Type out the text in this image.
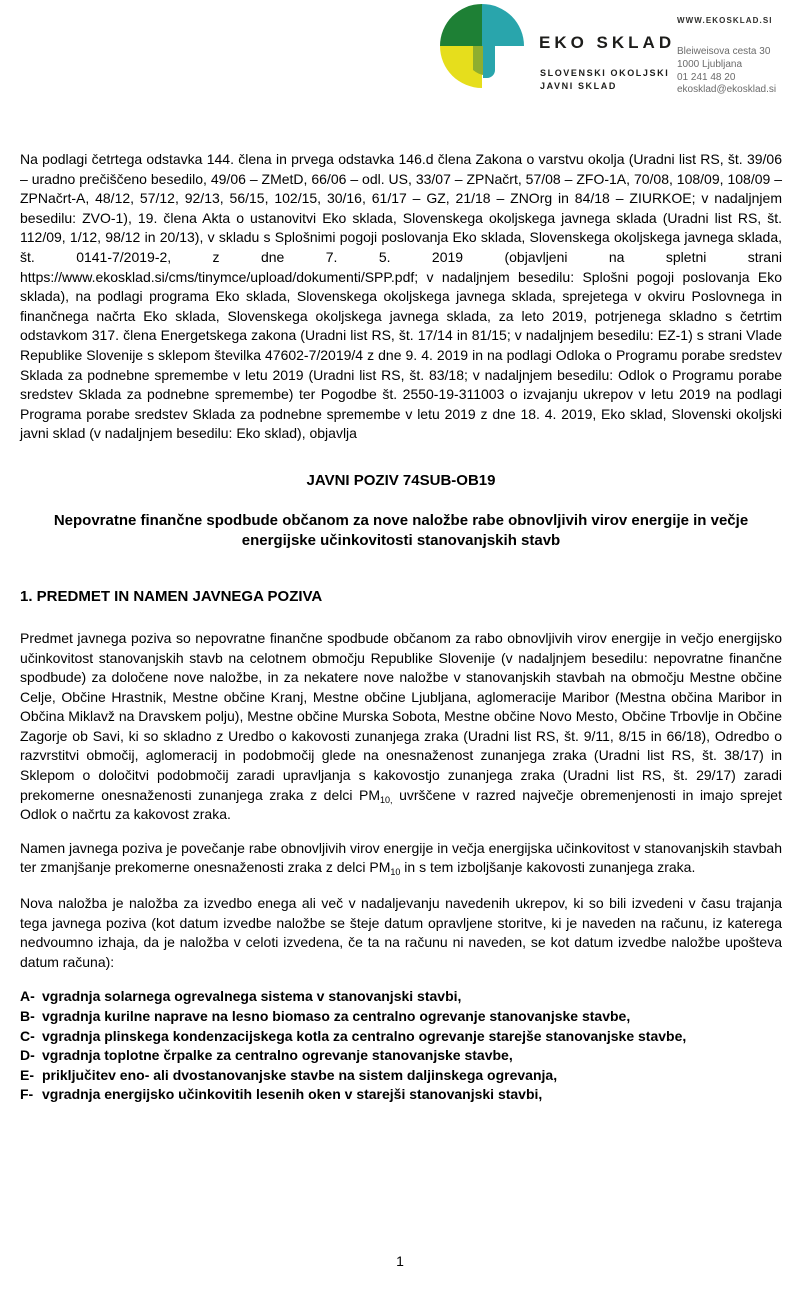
EKO SKLAD
SLOVENSKI OKOLJSKI
JAVNI SKLAD
WWW.EKOSKLAD.SI
Bleiweisova cesta 30
1000 Ljubljana
01 241 48 20
ekosklad@ekosklad.si
Na podlagi četrtega odstavka 144. člena in prvega odstavka 146.d člena Zakona o varstvu okolja (Uradni list RS, št. 39/06 – uradno prečiščeno besedilo, 49/06 – ZMetD, 66/06 – odl. US, 33/07 – ZPNačrt, 57/08 – ZFO-1A, 70/08, 108/09, 108/09 – ZPNačrt-A, 48/12, 57/12, 92/13, 56/15, 102/15, 30/16, 61/17 – GZ, 21/18 – ZNOrg in 84/18 – ZIURKOE; v nadaljnjem besedilu: ZVO-1), 19. člena Akta o ustanovitvi Eko sklada, Slovenskega okoljskega javnega sklada (Uradni list RS, št. 112/09, 1/12, 98/12 in 20/13), v skladu s Splošnimi pogoji poslovanja Eko sklada, Slovenskega okoljskega javnega sklada, št. 0141-7/2019-2, z dne 7. 5. 2019 (objavljeni na spletni strani https://www.ekosklad.si/cms/tinymce/upload/dokumenti/SPP.pdf; v nadaljnjem besedilu: Splošni pogoji poslovanja Eko sklada), na podlagi programa Eko sklada, Slovenskega okoljskega javnega sklada, sprejetega v okviru Poslovnega in finančnega načrta Eko sklada, Slovenskega okoljskega javnega sklada, za leto 2019, potrjenega skladno s četrtim odstavkom 317. člena Energetskega zakona (Uradni list RS, št. 17/14 in 81/15; v nadaljnjem besedilu: EZ-1) s strani Vlade Republike Slovenije s sklepom številka 47602-7/2019/4 z dne 9. 4. 2019 in na podlagi Odloka o Programu porabe sredstev Sklada za podnebne spremembe v letu 2019 (Uradni list RS, št. 83/18; v nadaljnjem besedilu: Odlok o Programu porabe sredstev Sklada za podnebne spremembe) ter Pogodbe št. 2550-19-311003 o izvajanju ukrepov v letu 2019 na podlagi Programa porabe sredstev Sklada za podnebne spremembe v letu 2019 z dne 18. 4. 2019, Eko sklad, Slovenski okoljski javni sklad (v nadaljnjem besedilu: Eko sklad), objavlja
JAVNI POZIV 74SUB-OB19
Nepovratne finančne spodbude občanom za nove naložbe rabe obnovljivih virov energije in večje energijske učinkovitosti stanovanjskih stavb
1. PREDMET IN NAMEN JAVNEGA POZIVA
Predmet javnega poziva so nepovratne finančne spodbude občanom za rabo obnovljivih virov energije in večjo energijsko učinkovitost stanovanjskih stavb na celotnem območju Republike Slovenije (v nadaljnjem besedilu: nepovratne finančne spodbude) za določene nove naložbe, in za nekatere nove naložbe v stanovanjskih stavbah na območju Mestne občine Celje, Občine Hrastnik, Mestne občine Kranj, Mestne občine Ljubljana, aglomeracije Maribor (Mestna občina Maribor in Občina Miklavž na Dravskem polju), Mestne občine Murska Sobota, Mestne občine Novo Mesto, Občine Trbovlje in Občine Zagorje ob Savi, ki so skladno z Uredbo o kakovosti zunanjega zraka (Uradni list RS, št. 9/11, 8/15 in 66/18), Odredbo o razvrstitvi območij, aglomeracij in podobmočij glede na onesnaženost zunanjega zraka (Uradni list RS, št. 38/17) in Sklepom o določitvi podobmočij zaradi upravljanja s kakovostjo zunanjega zraka (Uradni list RS, št. 29/17) zaradi prekomerne onesnaženosti zunanjega zraka z delci $PM_{10,}$ uvrščene v razred največje obremenjenosti in imajo sprejet Odlok o načrtu za kakovost zraka.
Namen javnega poziva je povečanje rabe obnovljivih virov energije in večja energijska učinkovitost v stanovanjskih stavbah ter zmanjšanje prekomerne onesnaženosti zraka z delci $PM_{10}$ in s tem izboljšanje kakovosti zunanjega zraka.
Nova naložba je naložba za izvedbo enega ali več v nadaljevanju navedenih ukrepov, ki so bili izvedeni v času trajanja tega javnega poziva (kot datum izvedbe naložbe se šteje datum opravljene storitve, ki je naveden na računu, iz katerega nedvoumno izhaja, da je naložba v celoti izvedena, če ta na računu ni naveden, se kot datum izvedbe naložbe upošteva datum računa):
A- vgradnja solarnega ogrevalnega sistema v stanovanjski stavbi,
B- vgradnja kurilne naprave na lesno biomaso za centralno ogrevanje stanovanjske stavbe,
C- vgradnja plinskega kondenzacijskega kotla za centralno ogrevanje starejše stanovanjske stavbe,
D- vgradnja toplotne črpalke za centralno ogrevanje stanovanjske stavbe,
E- priključitev eno- ali dvostanovanjske stavbe na sistem daljinskega ogrevanja,
F- vgradnja energijsko učinkovitih lesenih oken v starejši stanovanjski stavbi,
1
